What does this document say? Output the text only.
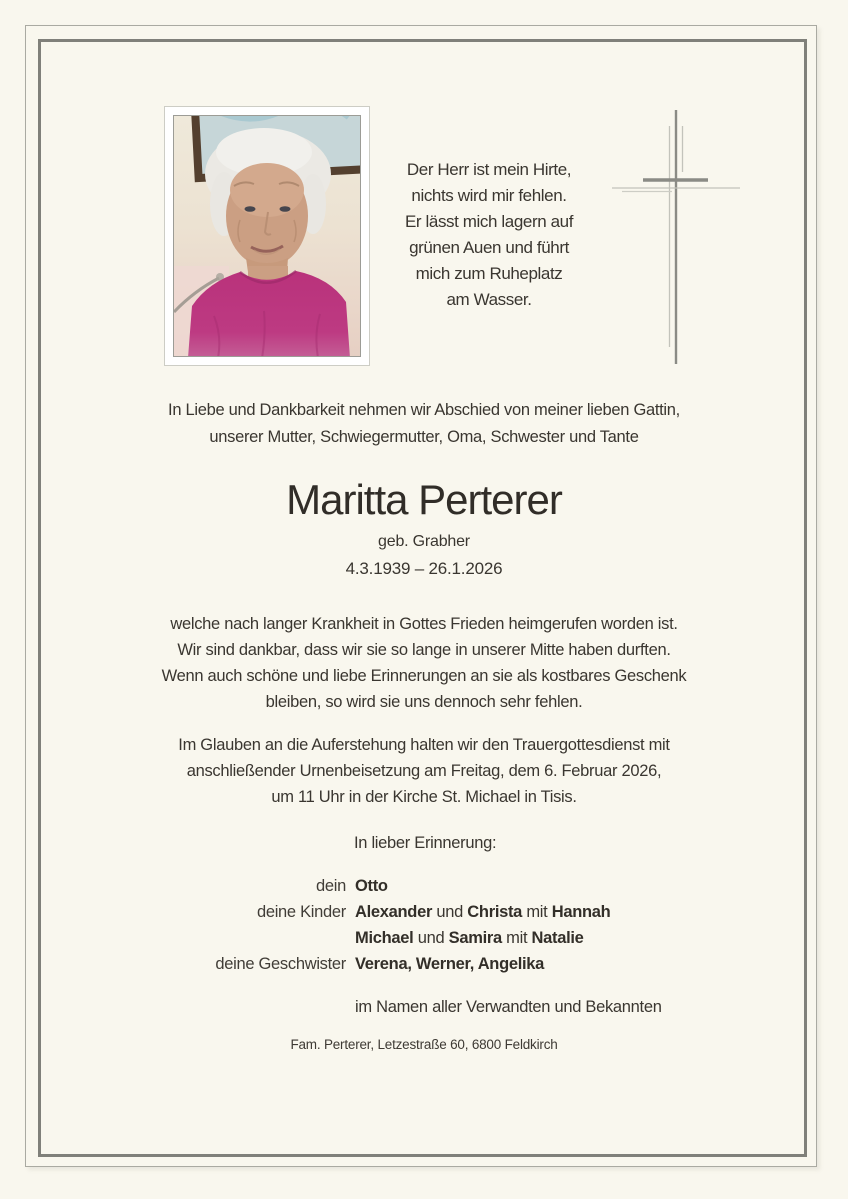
Der Herr ist mein Hirte,
nichts wird mir fehlen.
Er lässt mich lagern auf
grünen Auen und führt
mich zum Ruheplatz
am Wasser.
In Liebe und Dankbarkeit nehmen wir Abschied von meiner lieben Gattin,
unserer Mutter, Schwiegermutter, Oma, Schwester und Tante
Maritta Perterer
geb. Grabher
4.3.1939 – 26.1.2026
welche nach langer Krankheit in Gottes Frieden heimgerufen worden ist.
Wir sind dankbar, dass wir sie so lange in unserer Mitte haben durften.
Wenn auch schöne und liebe Erinnerungen an sie als kostbares Geschenk
bleiben, so wird sie uns dennoch sehr fehlen.
Im Glauben an die Auferstehung halten wir den Trauergottesdienst mit
anschließender Urnenbeisetzung am Freitag, dem 6. Februar 2026,
um 11 Uhr in der Kirche St. Michael in Tisis.
In lieber Erinnerung:
dein Otto
deine Kinder Alexander und Christa mit Hannah
Michael und Samira mit Natalie
deine Geschwister Verena, Werner, Angelika
im Namen aller Verwandten und Bekannten
Fam. Perterer, Letzestraße 60, 6800 Feldkirch
